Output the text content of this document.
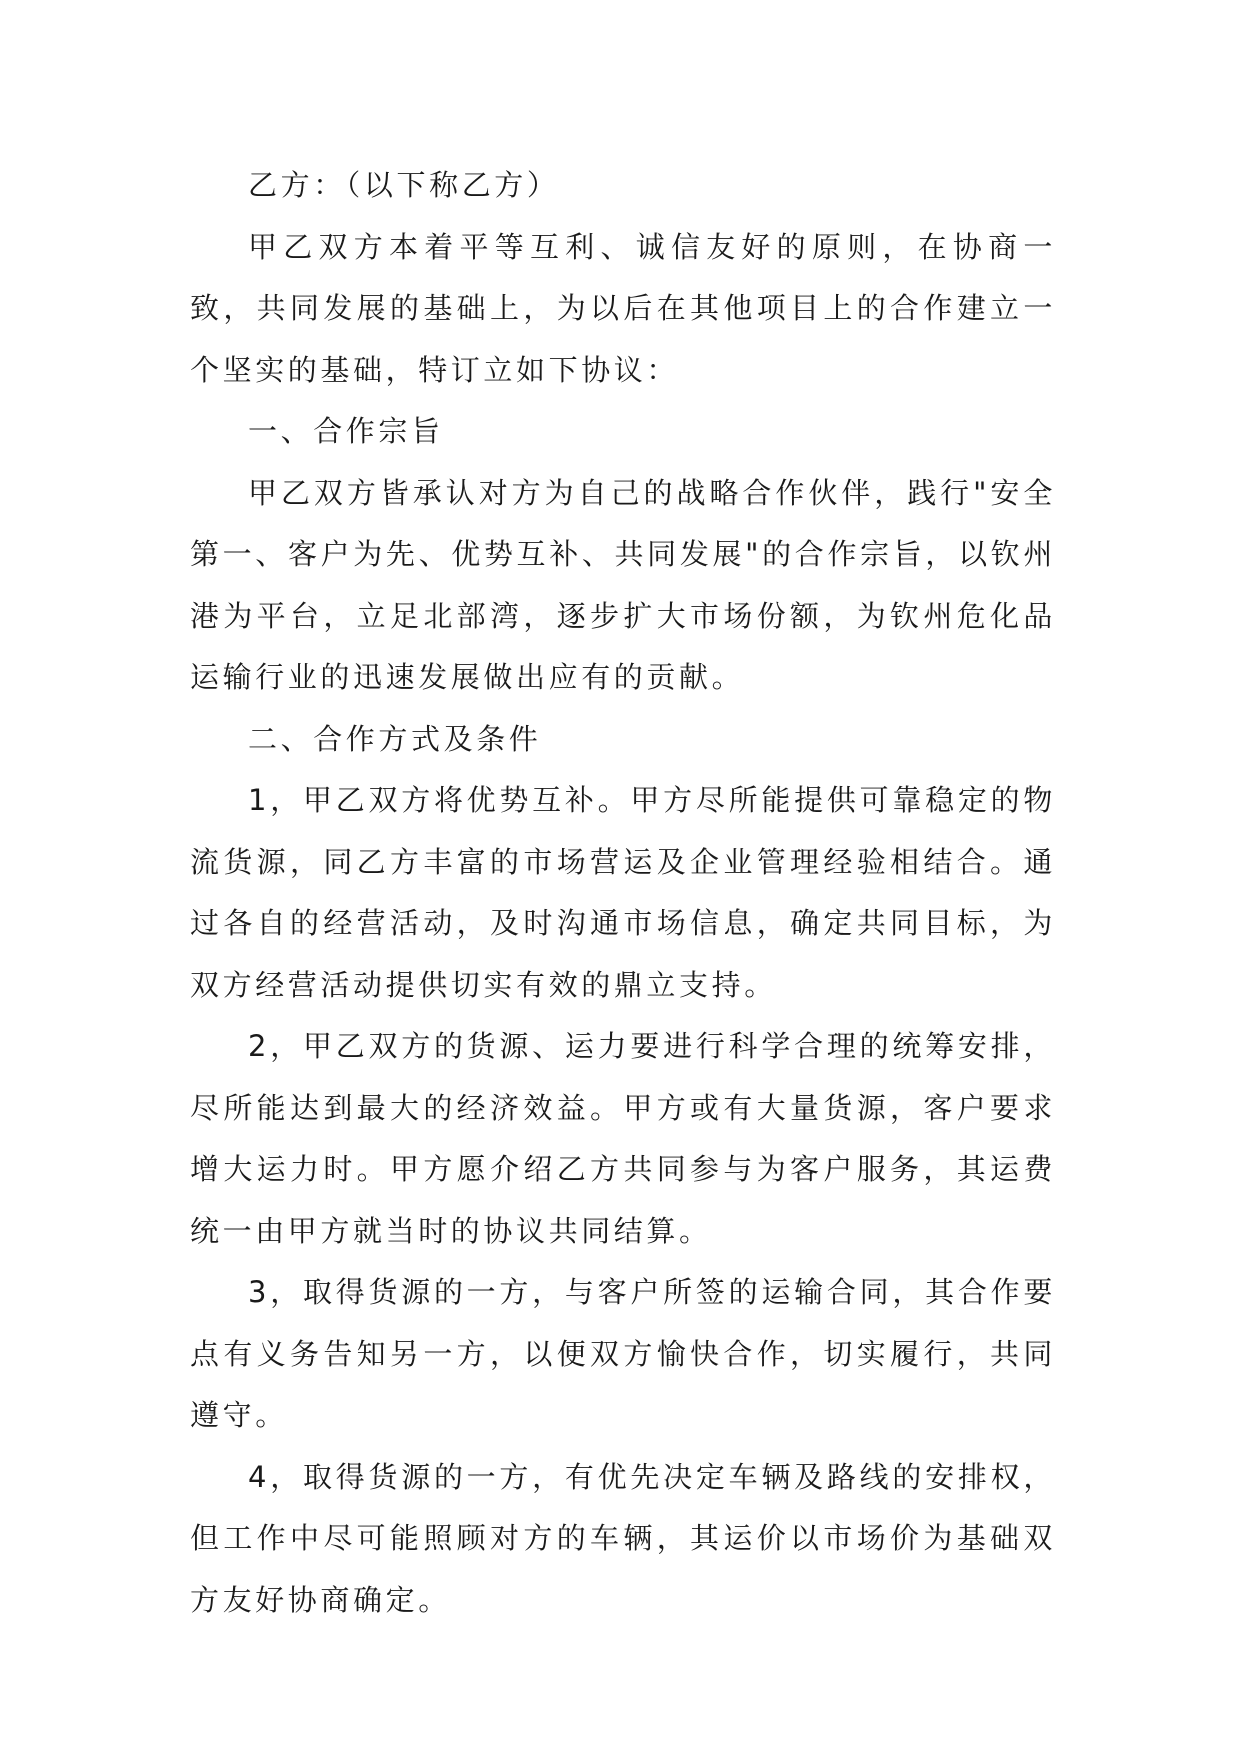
乙方：（以下称乙方）

甲乙双方本着平等互利、诚信友好的原则，在协商一致，共同发展的基础上，为以后在其他项目上的合作建立一个坚实的基础，特订立如下协议：

一、合作宗旨

甲乙双方皆承认对方为自己的战略合作伙伴，践行"安全第一、客户为先、优势互补、共同发展"的合作宗旨，以钦州港为平台，立足北部湾，逐步扩大市场份额，为钦州危化品运输行业的迅速发展做出应有的贡献。

二、合作方式及条件

1，甲乙双方将优势互补。甲方尽所能提供可靠稳定的物流货源，同乙方丰富的市场营运及企业管理经验相结合。通过各自的经营活动，及时沟通市场信息，确定共同目标，为双方经营活动提供切实有效的鼎立支持。

2，甲乙双方的货源、运力要进行科学合理的统筹安排，尽所能达到最大的经济效益。甲方或有大量货源，客户要求增大运力时。甲方愿介绍乙方共同参与为客户服务，其运费统一由甲方就当时的协议共同结算。

3，取得货源的一方，与客户所签的运输合同，其合作要点有义务告知另一方，以便双方愉快合作，切实履行，共同遵守。

4，取得货源的一方，有优先决定车辆及路线的安排权，但工作中尽可能照顾对方的车辆，其运价以市场价为基础双方友好协商确定。
